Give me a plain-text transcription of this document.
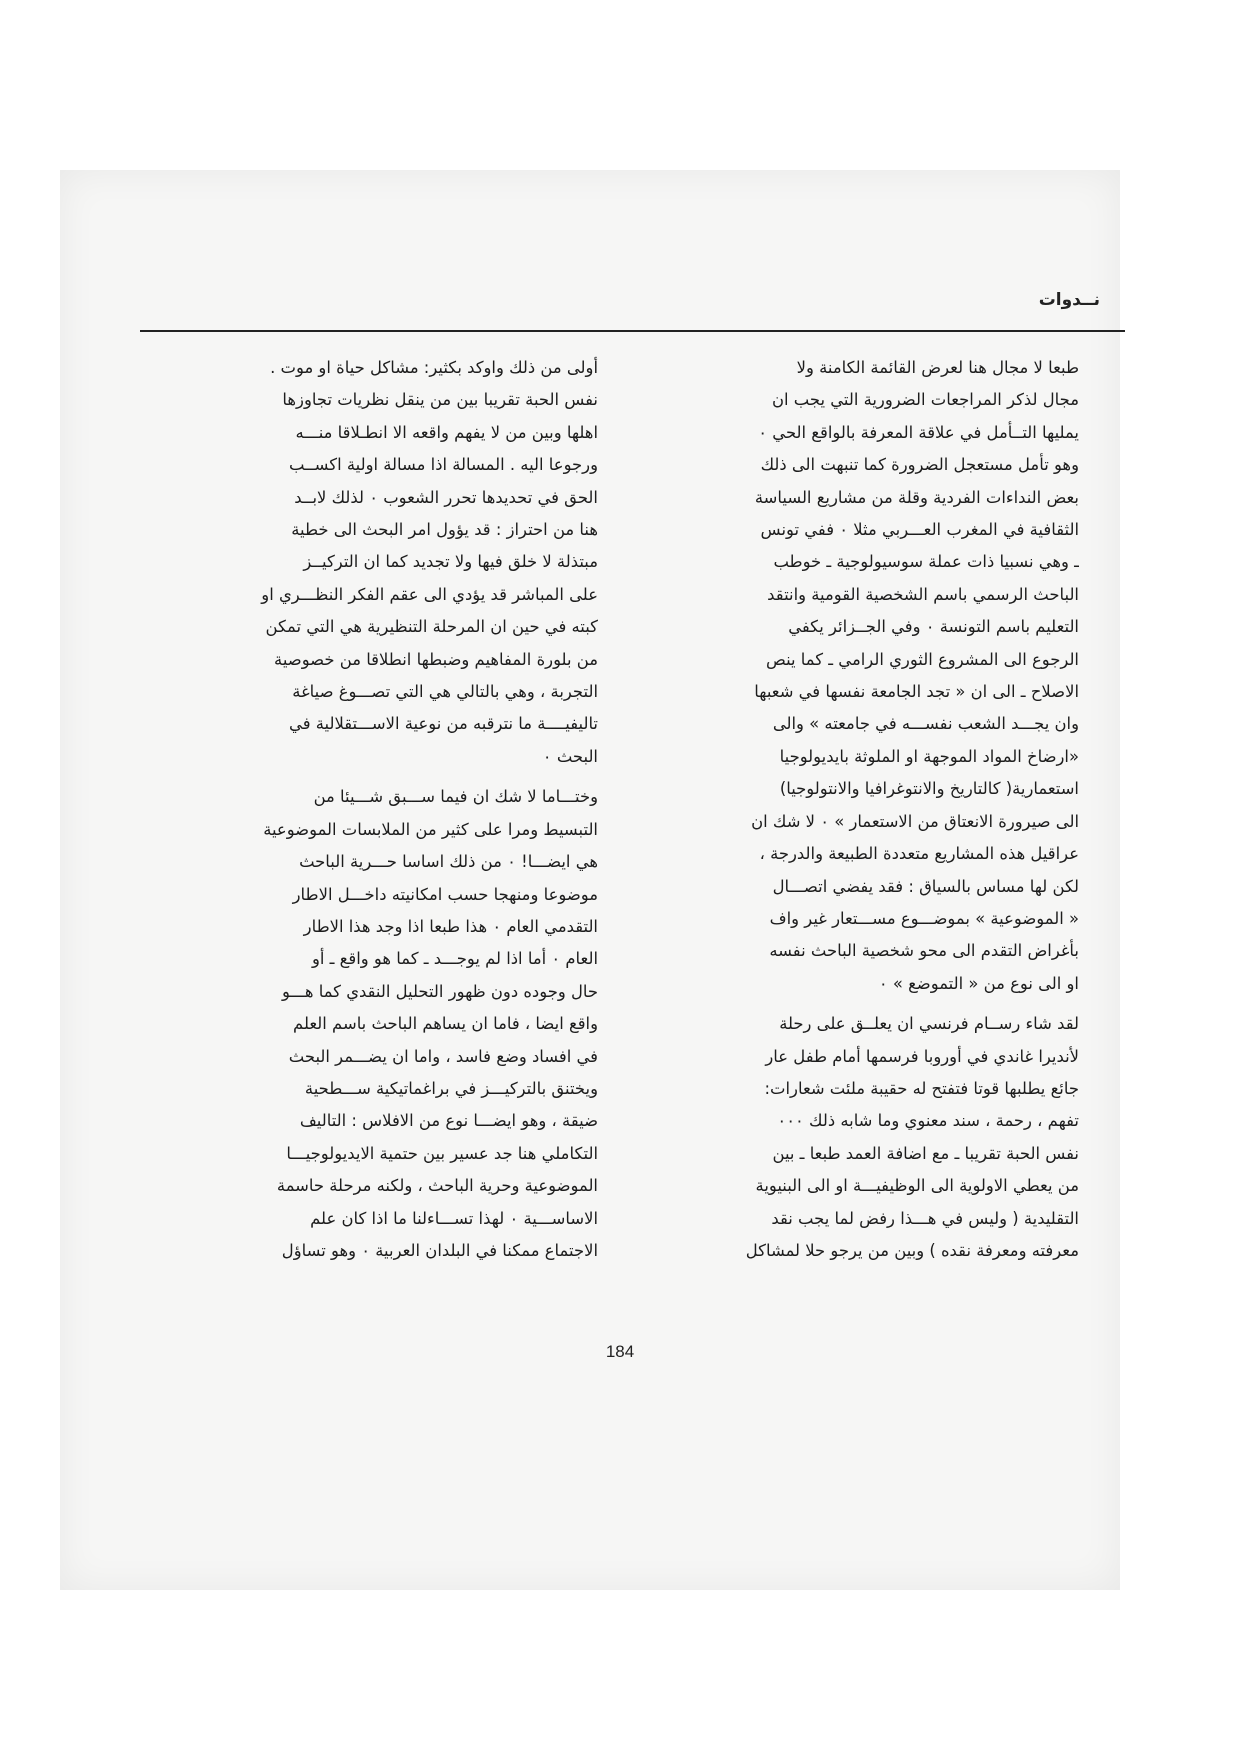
نــدوات
طبعا لا مجال هنا لعرض القائمة الكامنة ولا
مجال لذكر المراجعات الضرورية التي يجب ان
يمليها التــأمل في علاقة المعرفة بالواقع الحي ٠
وهو تأمل مستعجل الضرورة كما تنبهت الى ذلك
بعض النداءات الفردية وقلة من مشاريع السياسة
الثقافية في المغرب العـــربي مثلا ٠ ففي تونس
ـ وهي نسبيا ذات عملة سوسيولوجية ـ خوطب
الباحث الرسمي باسم الشخصية القومية وانتقد
التعليم باسم التونسة ٠ وفي الجــزائر يكفي
الرجوع الى المشروع الثوري الرامي ـ كما ينص
الاصلاح ـ الى ان « تجد الجامعة نفسها في شعبها
وان يجـــد الشعب نفســـه في جامعته » والى
«ارضاخ المواد الموجهة او الملوثة بايديولوجيا
استعمارية( كالتاريخ والانتوغرافيا والانتولوجيا)
الى صيرورة الانعتاق من الاستعمار » ٠ لا شك ان
عراقيل هذه المشاريع متعددة الطبيعة والدرجة ،
لكن لها مساس بالسياق : فقد يفضي اتصـــال
« الموضوعية » بموضـــوع مســـتعار غير واف
بأغراض التقدم الى محو شخصية الباحث نفسه
او الى نوع من « التموضع » ٠
لقد شاء رســام فرنسي ان يعلــق على رحلة
لأنديرا غاندي في أوروبا فرسمها أمام طفل عار
جائع يطلبها قوتا فتفتح له حقيبة ملئت شعارات:
تفهم ، رحمة ، سند معنوي وما شابه ذلك ٠٠٠
نفس الحبة تقريبا ـ مع اضافة العمد طبعا ـ بين
من يعطي الاولوية الى الوظيفيـــة او الى البنيوية
التقليدية ( وليس في هـــذا رفض لما يجب نقد
معرفته ومعرفة نقده ) وبين من يرجو حلا لمشاكل
أولى من ذلك واوكد بكثير: مشاكل حياة او موت .
نفس الحبة تقريبا بين من ينقل نظريات تجاوزها
اهلها وبين من لا يفهم واقعه الا انطـلاقا منـــه
ورجوعا اليه . المسالة اذا مسالة اولية اكســب
الحق في تحديدها تحرر الشعوب ٠ لذلك لابــد
هنا من احتراز : قد يؤول امر البحث الى خطية
مبتذلة لا خلق فيها ولا تجديد كما ان التركيــز
على المباشر قد يؤدي الى عقم الفكر النظـــري او
كبته في حين ان المرحلة التنظيرية هي التي تمكن
من بلورة المفاهيم وضبطها انطلاقا من خصوصية
التجربة ، وهي بالتالي هي التي تصـــوغ صياغة
تاليفيــــة ما نترقبه من نوعية الاســـتقلالية في
البحث ٠
وختـــاما لا شك ان فيما ســـبق شـــيئا من
التبسيط ومرا على كثير من الملابسات الموضوعية
هي ايضـــا! ٠ من ذلك اساسا حـــرية الباحث
موضوعا ومنهجا حسب امكانيته داخـــل الاطار
التقدمي العام ٠ هذا طبعا اذا وجد هذا الاطار
العام ٠ أما اذا لم يوجـــد ـ كما هو واقع ـ أو
حال وجوده دون ظهور التحليل النقدي كما هـــو
واقع ايضا ، فاما ان يساهم الباحث باسم العلم
في افساد وضع فاسد ، واما ان يضـــمر البحث
ويختنق بالتركيـــز في براغماتيكية ســـطحية
ضيقة ، وهو ايضـــا نوع من الافلاس : التاليف
التكاملي هنا جد عسير بين حتمية الايديولوجيـــا
الموضوعية وحرية الباحث ، ولكنه مرحلة حاسمة
الاساســـية ٠ لهذا تســـاءلنا ما اذا كان علم
الاجتماع ممكنا في البلدان العربية ٠ وهو تساؤل
184
